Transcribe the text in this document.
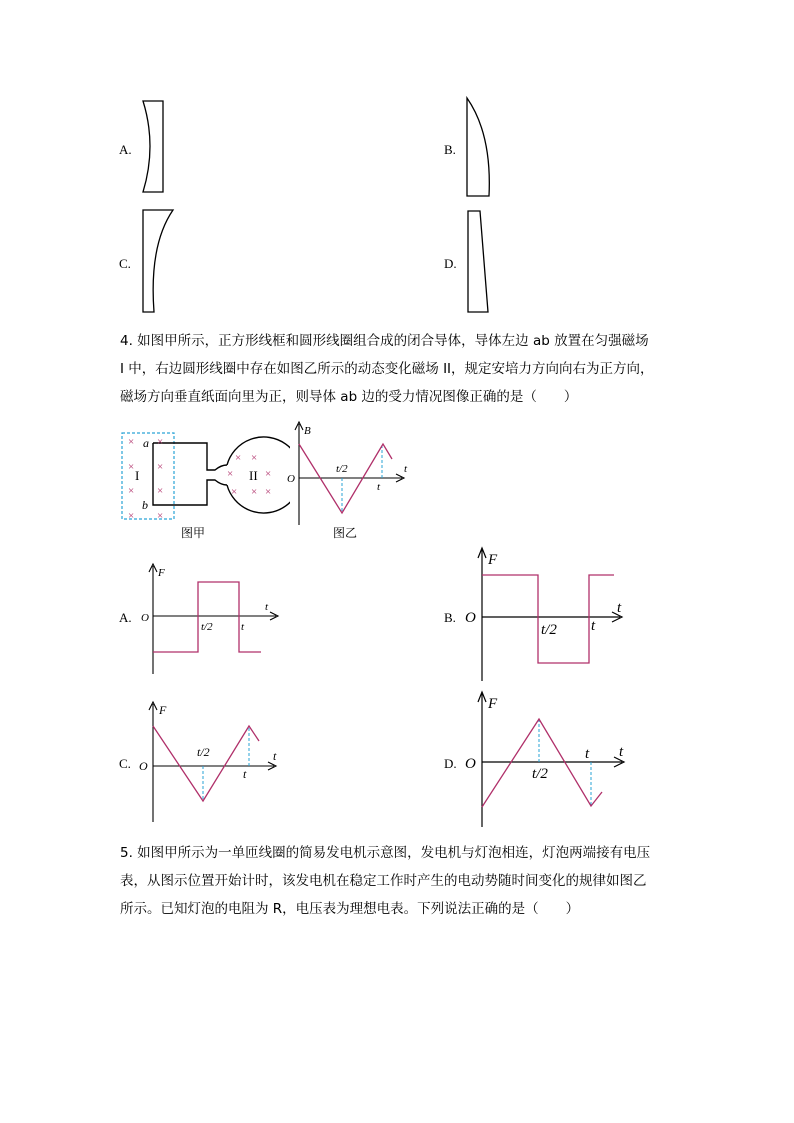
A.	B.
C.	D.
4. 如图甲所示，正方形线框和圆形线圈组合成的闭合导体，导体左边 ab 放置在匀强磁场
I 中，右边圆形线圈中存在如图乙所示的动态变化磁场 II，规定安培力方向向右为正方向，
磁场方向垂直纸面向里为正，则导体 ab 边的受力情况图像正确的是（　　）
× ×
×
× ×
× ×
×
× ×
×
× × ×
×
a
b
I	II
图甲
B
O
t/2
t
t
图乙
A.
F
O
t/2	t
t
B.
F
O
t/2 t
t
C.
F
O
t/2
t
t	D.
F
O
t/2
t t
5. 如图甲所示为一单匝线圈的简易发电机示意图，发电机与灯泡相连，灯泡两端接有电压
表，从图示位置开始计时，该发电机在稳定工作时产生的电动势随时间变化的规律如图乙
所示。已知灯泡的电阻为 R，电压表为理想电表。下列说法正确的是（　　）
